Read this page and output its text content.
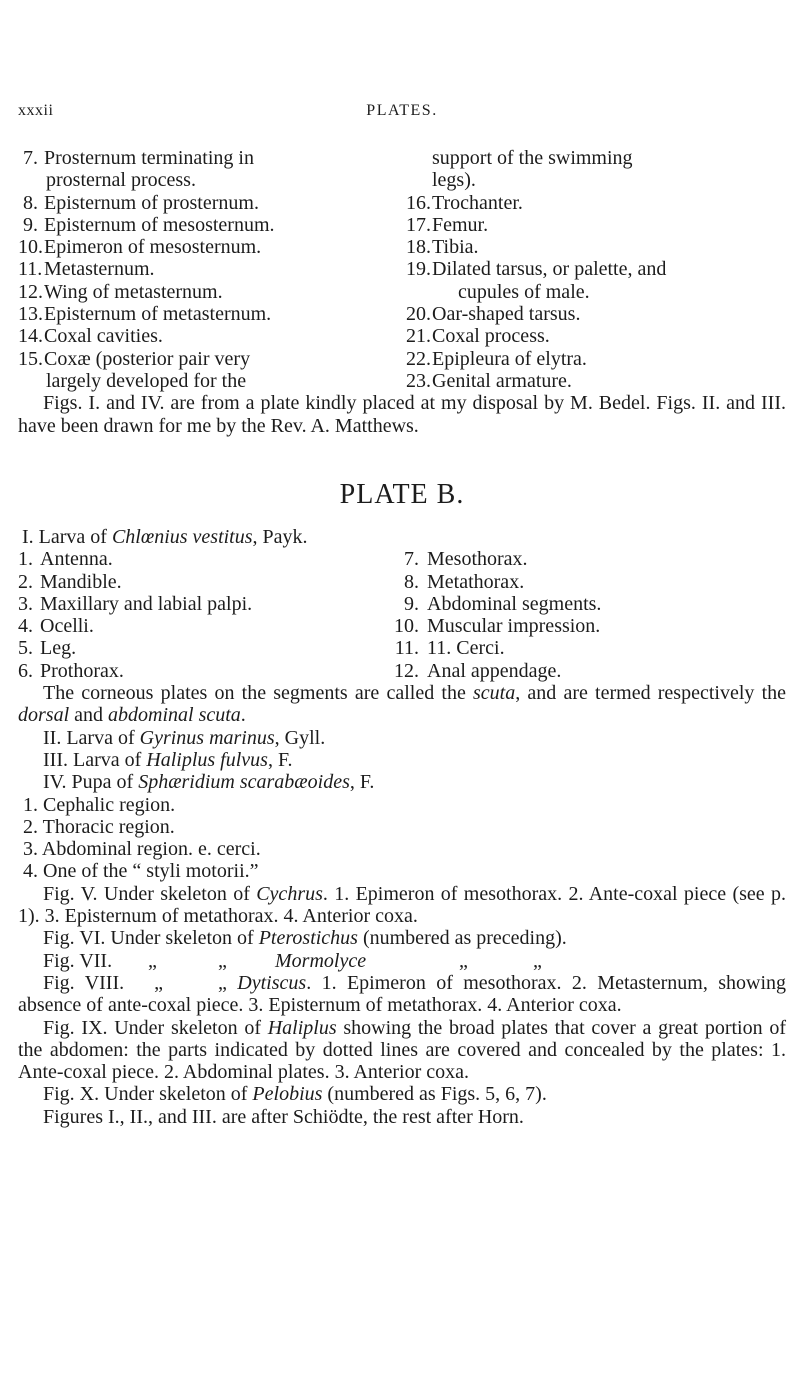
xxxii	PLATES.
7. Prosternum terminating in
prosternal process.
8. Episternum of prosternum.
9. Episternum of mesosternum.
10. Epimeron of mesosternum.
11. Metasternum.
12. Wing of metasternum.
13. Episternum of metasternum.
14. Coxal cavities.
15. Coxæ (posterior pair very
largely developed for the
support of the swimming
legs).
16. Trochanter.
17. Femur.
18. Tibia.
19. Dilated tarsus, or palette, and
cupules of male.
20. Oar-shaped tarsus.
21. Coxal process.
22. Epipleura of elytra.
23. Genital armature.

Figs. I. and IV. are from a plate kindly placed at my disposal by M. Bedel. Figs. II. and III. have been drawn for me by the Rev. A. Matthews.

PLATE B.
I. Larva of Chlœnius vestitus, Payk.
1. Antenna.
2. Mandible.
3. Maxillary and labial palpi.
4. Ocelli.
5. Leg.
6. Prothorax.
7. Mesothorax.
8. Metathorax.
9. Abdominal segments.
10. Muscular impression.
11. 11. Cerci.
12. Anal appendage.

The corneous plates on the segments are called the scuta, and are termed respectively the dorsal and abdominal scuta.

II. Larva of Gyrinus marinus, Gyll.
III. Larva of Haliplus fulvus, F.
IV. Pupa of Sphæridium scarabæoides, F.
1. Cephalic region.
2. Thoracic region.
3. Abdominal region. e. cerci.
4. One of the “ styli motorii.”

Fig. V. Under skeleton of Cychrus. 1. Epimeron of mesothorax. 2. Ante-coxal piece (see p. 1). 3. Episternum of metathorax. 4. Anterior coxa.

Fig. VI. Under skeleton of Pterostichus (numbered as preceding).

Fig. VII. „	„ Mormolyce	„	„

Fig. VIII. „	„ Dytiscus. 1. Epimeron of mesothorax. 2. Metasternum, showing absence of ante-coxal piece. 3. Episternum of metathorax. 4. Anterior coxa.

Fig. IX. Under skeleton of Haliplus showing the broad plates that cover a great portion of the abdomen: the parts indicated by dotted lines are covered and concealed by the plates: 1. Ante-coxal piece. 2. Abdominal plates. 3. Anterior coxa.

Fig. X. Under skeleton of Pelobius (numbered as Figs. 5, 6, 7).

Figures I., II., and III. are after Schiödte, the rest after Horn.
